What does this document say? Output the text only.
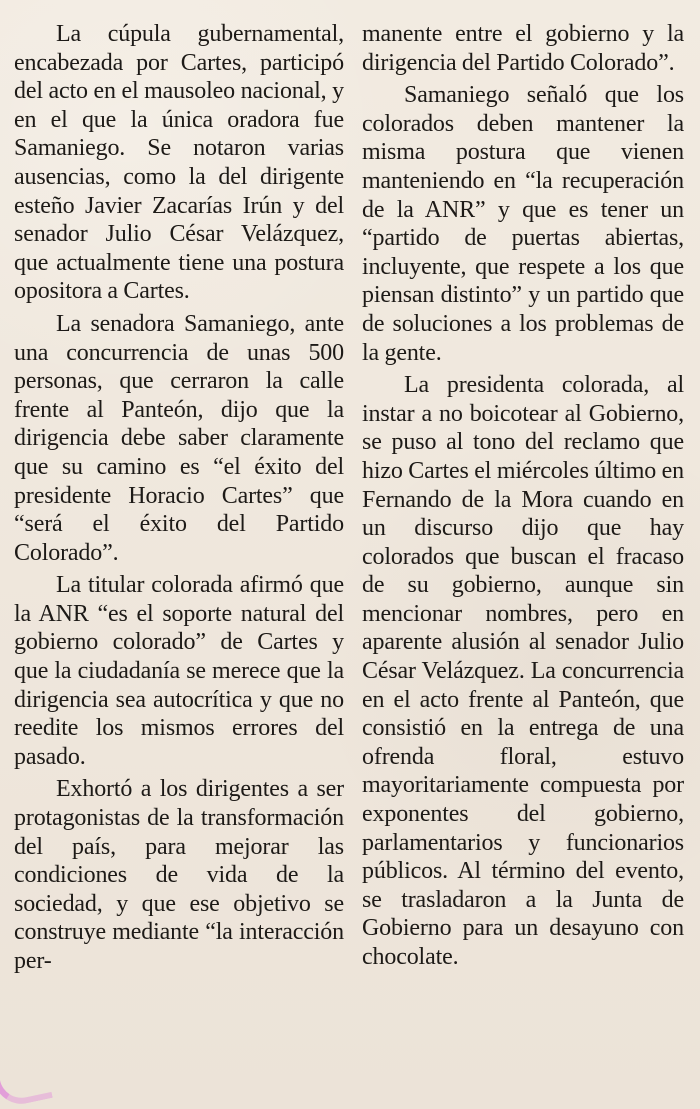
La cúpula gubernamental, encabezada por Cartes, participó del acto en el mausoleo nacional, y en el que la única oradora fue Samaniego. Se notaron varias ausencias, como la del dirigente esteño Javier Zacarías Irún y del senador Julio César Velázquez, que actualmente tiene una postura opositora a Cartes.

La senadora Samaniego, ante una concurrencia de unas 500 personas, que cerraron la calle frente al Panteón, dijo que la dirigencia debe saber claramente que su camino es “el éxito del presidente Horacio Cartes” que “será el éxito del Partido Colorado”.

La titular colorada afirmó que la ANR “es el soporte natural del gobierno colorado” de Cartes y que la ciudadanía se merece que la dirigencia sea autocrítica y que no reedite los mismos errores del pasado.

Exhortó a los dirigentes a ser protagonistas de la transformación del país, para mejorar las condiciones de vida de la sociedad, y que ese objetivo se construye mediante “la interacción per-

manente entre el gobierno y la dirigencia del Partido Colorado”.

Samaniego señaló que los colorados deben mantener la misma postura que vienen manteniendo en “la recuperación de la ANR” y que es tener un “partido de puertas abiertas, incluyente, que respete a los que piensan distinto” y un partido que de soluciones a los problemas de la gente.

La presidenta colorada, al instar a no boicotear al Gobierno, se puso al tono del reclamo que hizo Cartes el miércoles último en Fernando de la Mora cuando en un discurso dijo que hay colorados que buscan el fracaso de su gobierno, aunque sin mencionar nombres, pero en aparente alusión al senador Julio César Velázquez. La concurrencia en el acto frente al Panteón, que consistió en la entrega de una ofrenda floral, estuvo mayoritariamente compuesta por exponentes del gobierno, parlamentarios y funcionarios públicos. Al término del evento, se trasladaron a la Junta de Gobierno para un desayuno con chocolate.
